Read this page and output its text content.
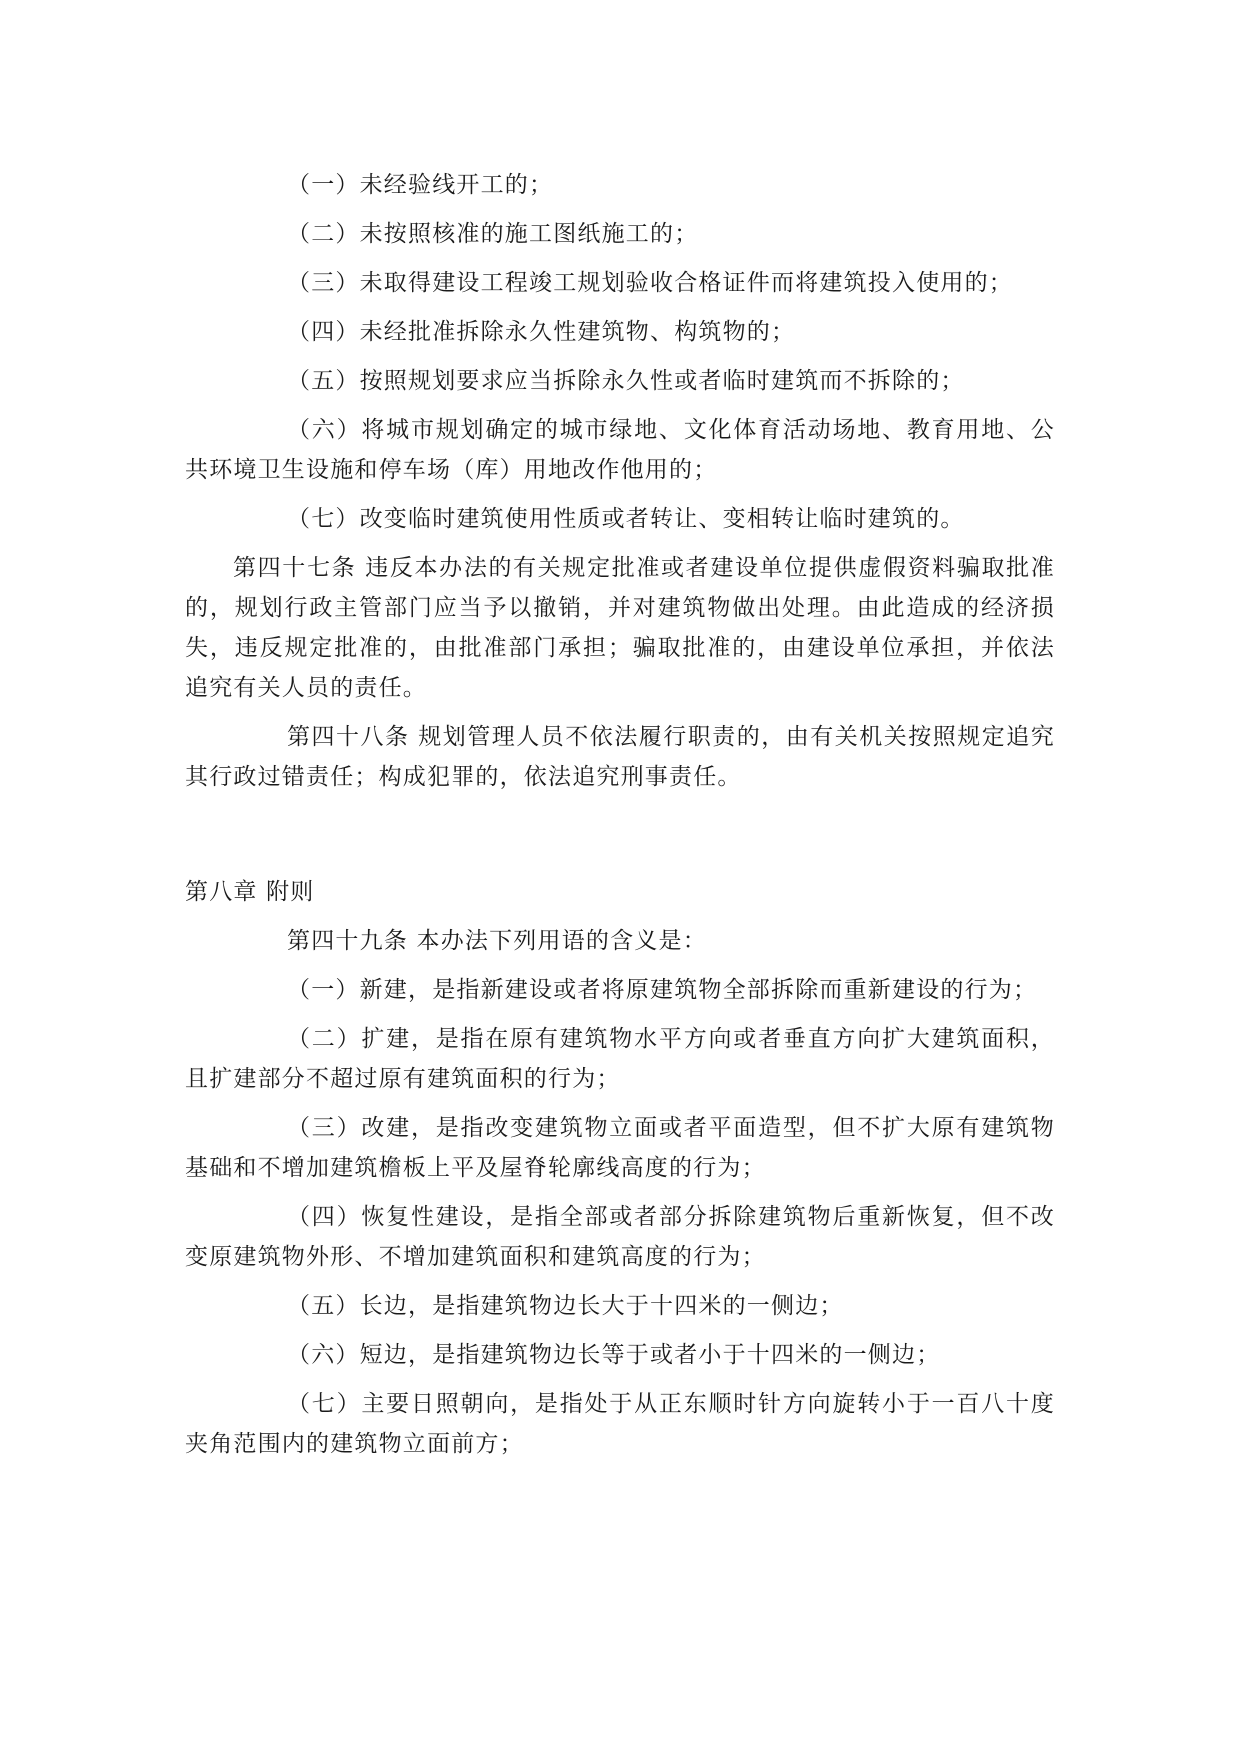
（一）未经验线开工的；

（二）未按照核准的施工图纸施工的；

（三）未取得建设工程竣工规划验收合格证件而将建筑投入使用的；

（四）未经批准拆除永久性建筑物、构筑物的；

（五）按照规划要求应当拆除永久性或者临时建筑而不拆除的；

（六）将城市规划确定的城市绿地、文化体育活动场地、教育用地、公共环境卫生设施和停车场（库）用地改作他用的；

（七）改变临时建筑使用性质或者转让、变相转让临时建筑的。

第四十七条 违反本办法的有关规定批准或者建设单位提供虚假资料骗取批准的，规划行政主管部门应当予以撤销，并对建筑物做出处理。由此造成的经济损失，违反规定批准的，由批准部门承担；骗取批准的，由建设单位承担，并依法追究有关人员的责任。

第四十八条 规划管理人员不依法履行职责的，由有关机关按照规定追究其行政过错责任；构成犯罪的，依法追究刑事责任。

第八章 附则

第四十九条 本办法下列用语的含义是：

（一）新建，是指新建设或者将原建筑物全部拆除而重新建设的行为；

（二）扩建，是指在原有建筑物水平方向或者垂直方向扩大建筑面积，且扩建部分不超过原有建筑面积的行为；

（三）改建，是指改变建筑物立面或者平面造型，但不扩大原有建筑物基础和不增加建筑檐板上平及屋脊轮廓线高度的行为；

（四）恢复性建设，是指全部或者部分拆除建筑物后重新恢复，但不改变原建筑物外形、不增加建筑面积和建筑高度的行为；

（五）长边，是指建筑物边长大于十四米的一侧边；

（六）短边，是指建筑物边长等于或者小于十四米的一侧边；

（七）主要日照朝向，是指处于从正东顺时针方向旋转小于一百八十度夹角范围内的建筑物立面前方；
